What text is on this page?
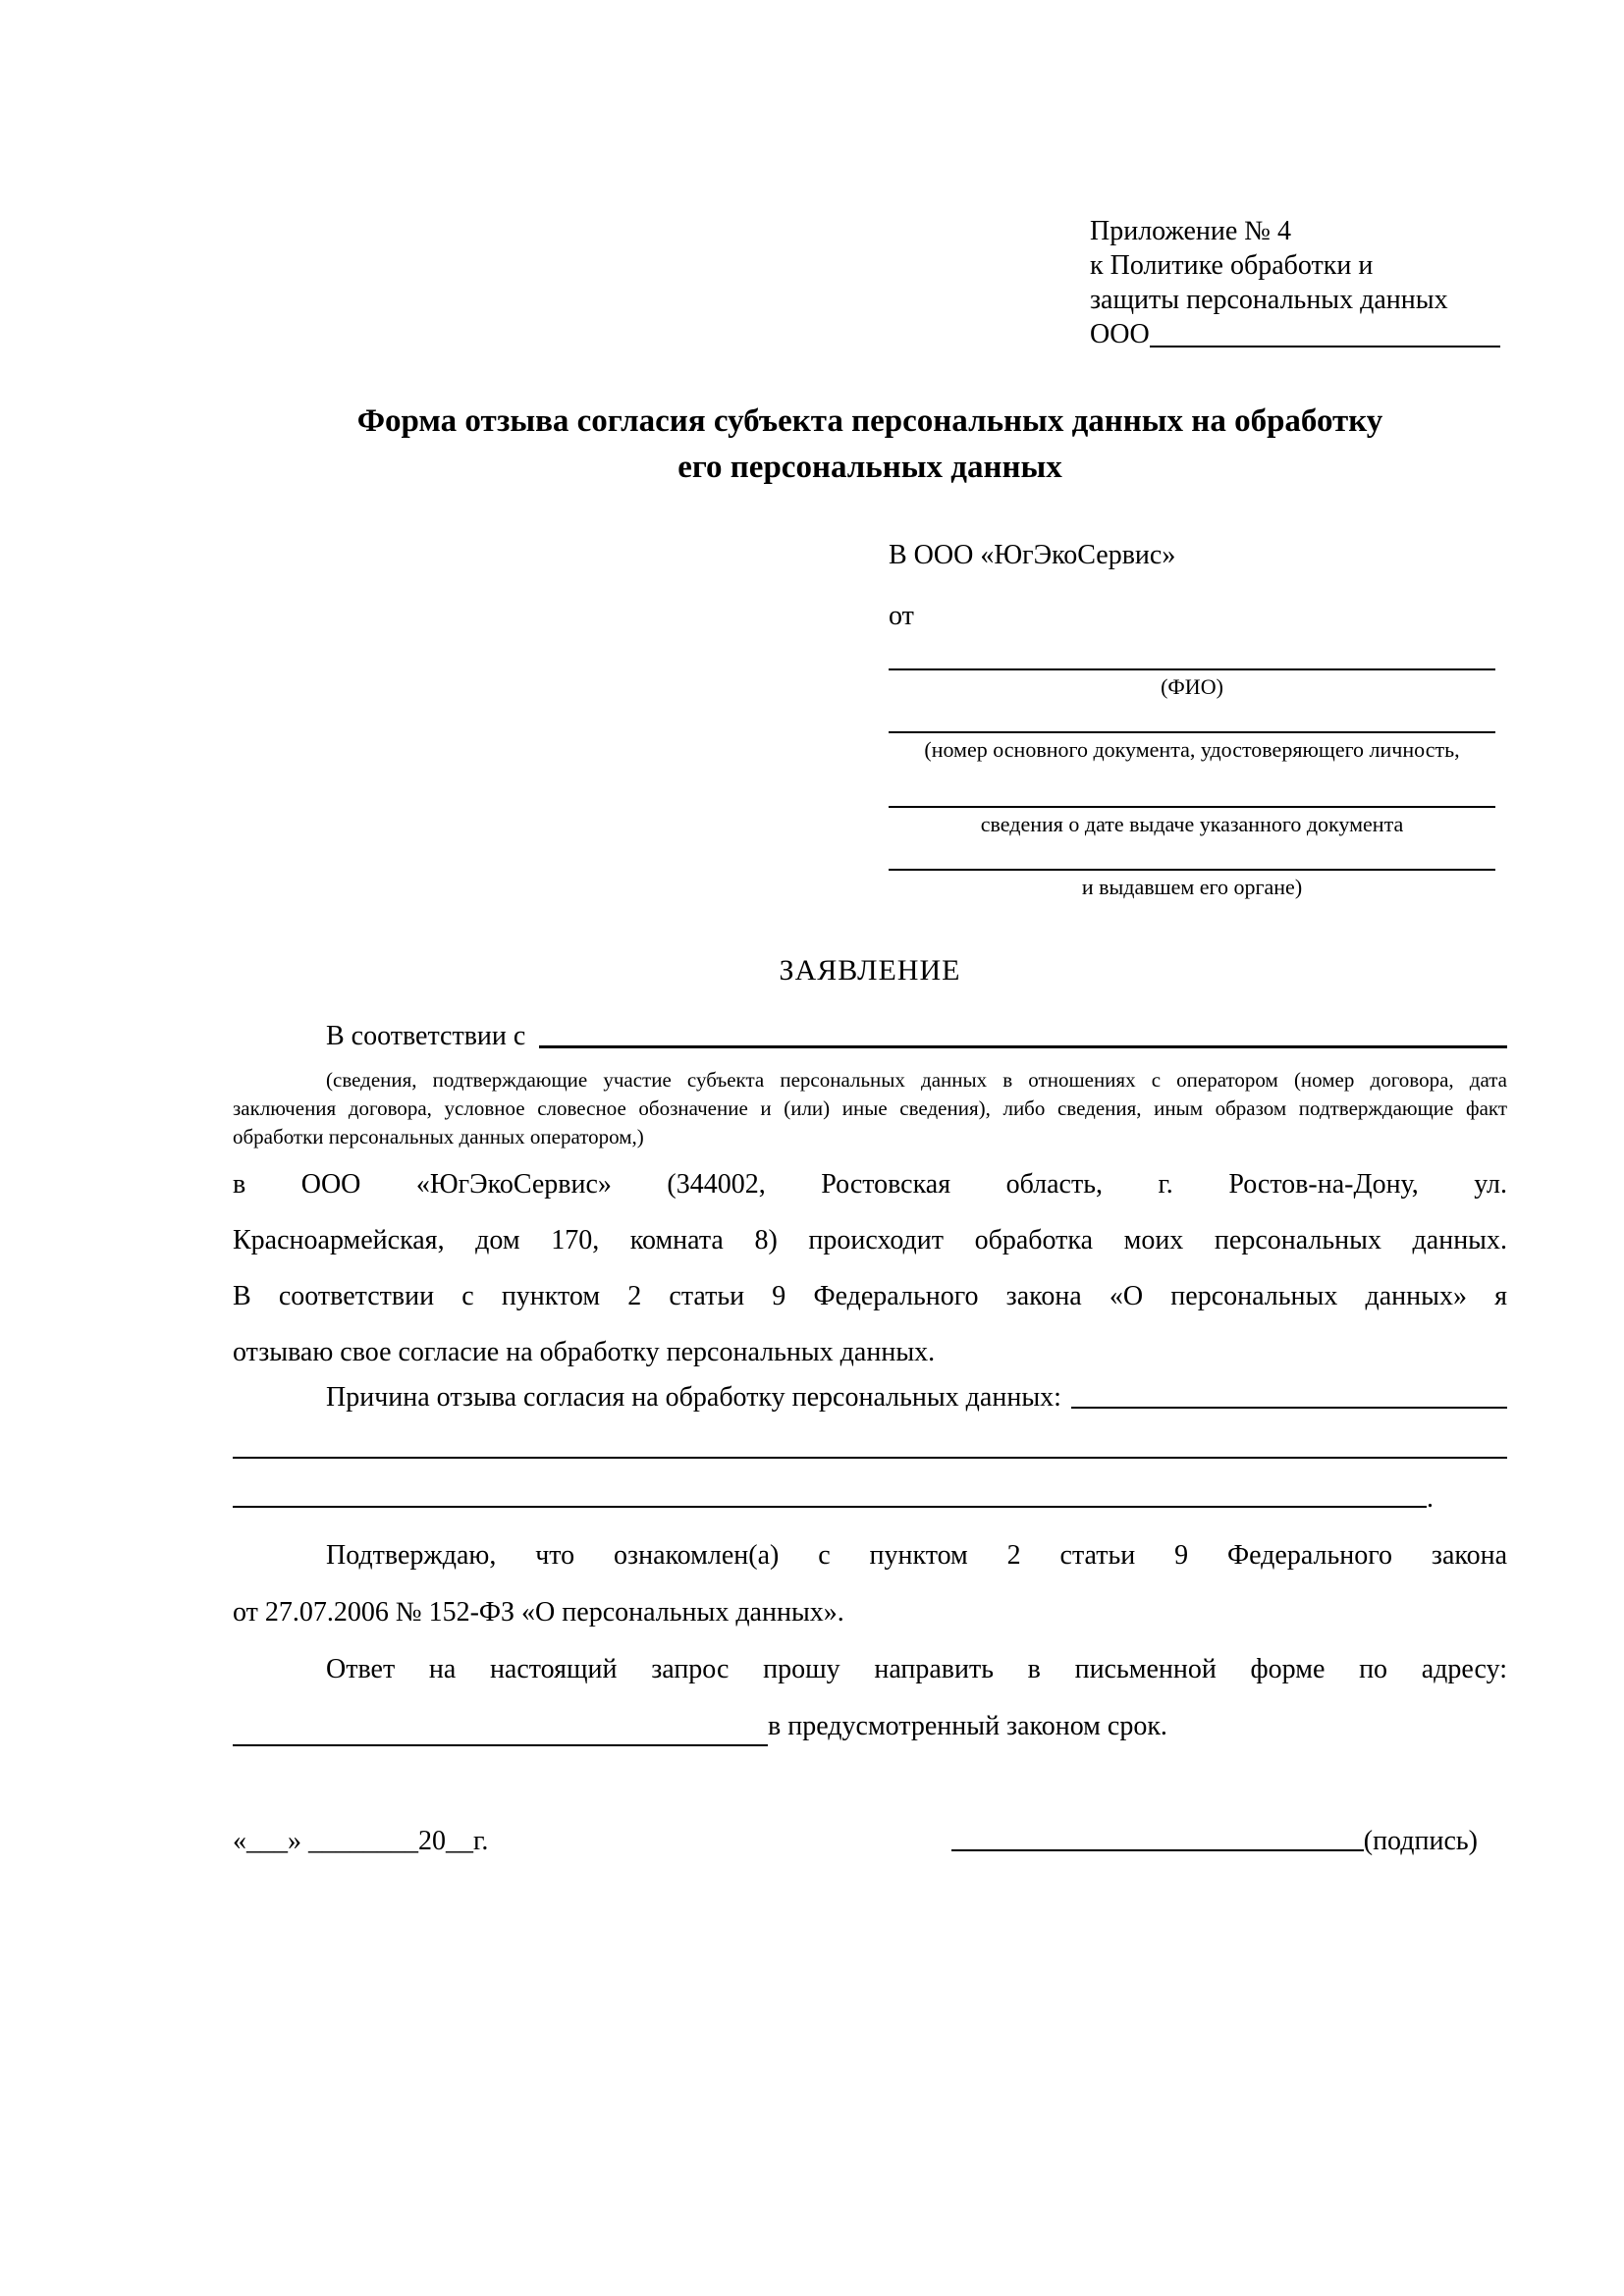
Приложение № 4
к Политике обработки и
защиты персональных данных
ООО
Форма отзыва согласия субъекта персональных данных на обработку
его персональных данных
В ООО «ЮгЭкоСервис»
от
(ФИО)
(номер основного документа, удостоверяющего личность,
сведения о дате выдаче указанного документа
и выдавшем его органе)
ЗАЯВЛЕНИЕ
В соответствии с
(сведения, подтверждающие участие субъекта персональных данных в отношениях с оператором (номер договора, дата
заключения договора, условное словесное обозначение и (или) иные сведения), либо сведения, иным образом подтверждающие факт
обработки персональных данных оператором,)
в ООО «ЮгЭкоСервис» (344002, Ростовская область, г. Ростов-на-Дону, ул.
Красноармейская, дом 170, комната 8) происходит обработка моих персональных данных.
В соответствии с пунктом 2 статьи 9 Федерального закона «О персональных данных» я
отзываю свое согласие на обработку персональных данных.
Причина отзыва согласия на обработку персональных данных:
.
Подтверждаю, что ознакомлен(а) с пунктом 2 статьи 9 Федерального закона
от 27.07.2006 № 152-ФЗ «О персональных данных».
Ответ на настоящий запрос прошу направить в письменной форме по адресу:
в предусмотренный законом срок.
«___» ________20__г.	(подпись)
